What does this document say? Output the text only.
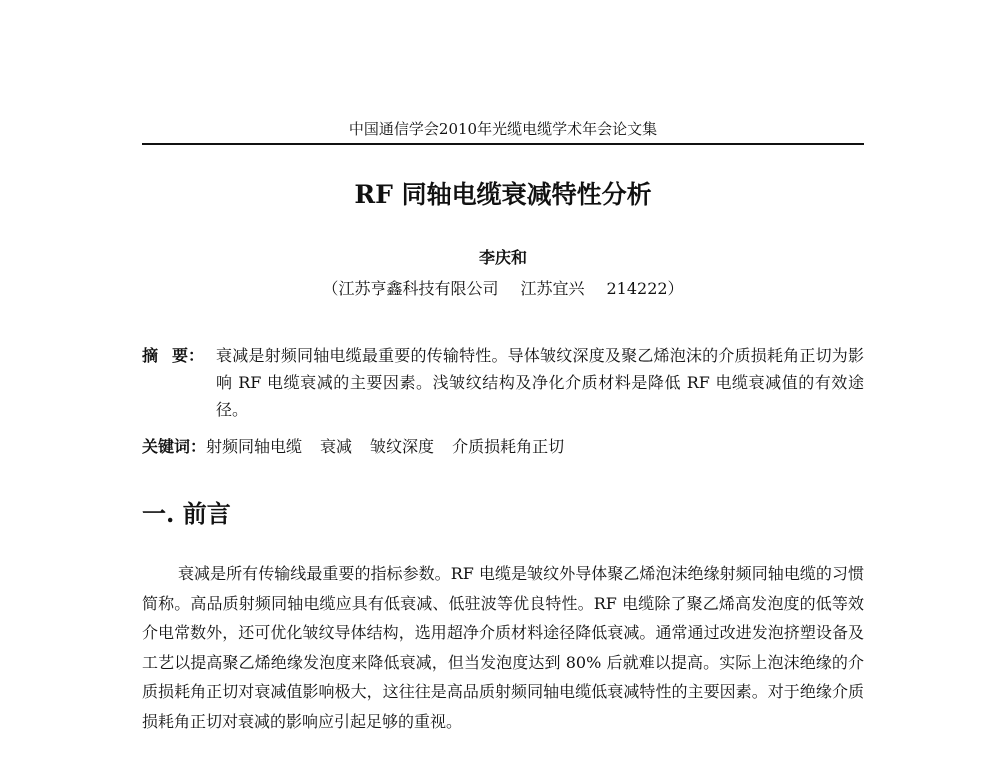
中国通信学会2010年光缆电缆学术年会论文集
RF 同轴电缆衰减特性分析
李庆和
（江苏亨鑫科技有限公司 江苏宜兴 214222）
摘 要： 衰减是射频同轴电缆最重要的传输特性。导体皱纹深度及聚乙烯泡沫的介质损耗角正切为影响 RF 电缆衰减的主要因素。浅皱纹结构及净化介质材料是降低 RF 电缆衰减值的有效途径。
关键词：射频同轴电缆 衰减 皱纹深度 介质损耗角正切
一. 前言

衰减是所有传输线最重要的指标参数。RF 电缆是皱纹外导体聚乙烯泡沫绝缘射频同轴电缆的习惯简称。高品质射频同轴电缆应具有低衰减、低驻波等优良特性。RF 电缆除了聚乙烯高发泡度的低等效介电常数外，还可优化皱纹导体结构，选用超净介质材料途径降低衰减。通常通过改进发泡挤塑设备及工艺以提高聚乙烯绝缘发泡度来降低衰减，但当发泡度达到 80% 后就难以提高。实际上泡沫绝缘的介质损耗角正切对衰减值影响极大，这往往是高品质射频同轴电缆低衰减特性的主要因素。对于绝缘介质损耗角正切对衰减的影响应引起足够的重视。
